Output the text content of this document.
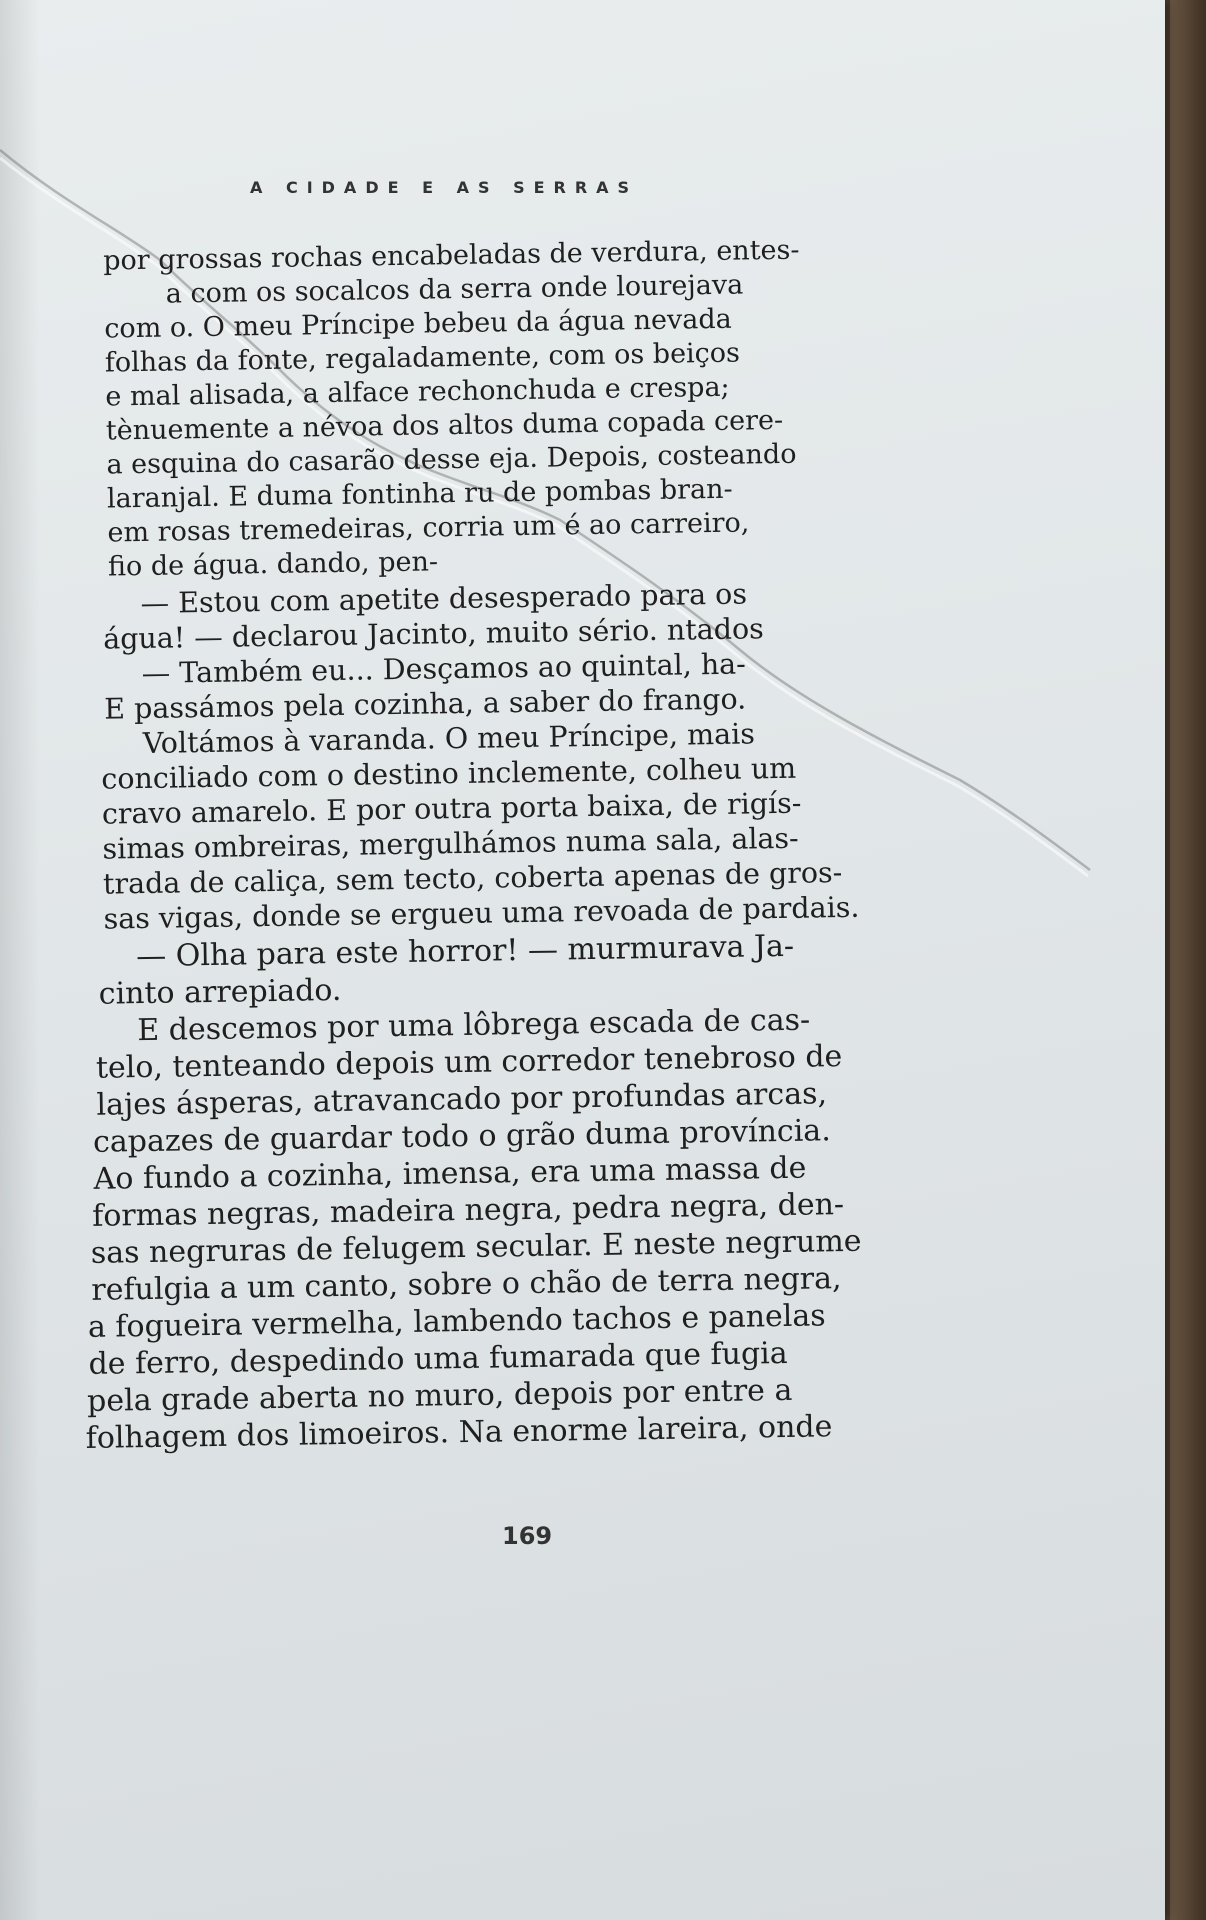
A CIDADE E AS SERRAS
por grossas rochas encabeladas de verdura, entes-
a com os socalcos da serra onde lourejava
com o. O meu Príncipe bebeu da água nevada
folhas da fonte, regaladamente, com os beiços
e mal alisada, a alface rechonchuda e crespa;
tènuemente a névoa dos altos duma copada cere-
a esquina do casarão desse eja. Depois, costeando
laranjal. E duma fontinha ru de pombas bran-
em rosas tremedeiras, corria um é ao carreiro,
fio de água. dando, pen-
— Estou com apetite desesperado para os
água! — declarou Jacinto, muito sério. ntados
— Também eu... Desçamos ao quintal, ha-
E passámos pela cozinha, a saber do frango.
Voltámos à varanda. O meu Príncipe, mais
conciliado com o destino inclemente, colheu um
cravo amarelo. E por outra porta baixa, de rigís-
simas ombreiras, mergulhámos numa sala, alas-
trada de caliça, sem tecto, coberta apenas de gros-
sas vigas, donde se ergueu uma revoada de pardais.
— Olha para este horror! — murmurava Ja-
cinto arrepiado.
E descemos por uma lôbrega escada de cas-
telo, tenteando depois um corredor tenebroso de
lajes ásperas, atravancado por profundas arcas,
capazes de guardar todo o grão duma província.
Ao fundo a cozinha, imensa, era uma massa de
formas negras, madeira negra, pedra negra, den-
sas negruras de felugem secular. E neste negrume
refulgia a um canto, sobre o chão de terra negra,
a fogueira vermelha, lambendo tachos e panelas
de ferro, despedindo uma fumarada que fugia
pela grade aberta no muro, depois por entre a
folhagem dos limoeiros. Na enorme lareira, onde
169
